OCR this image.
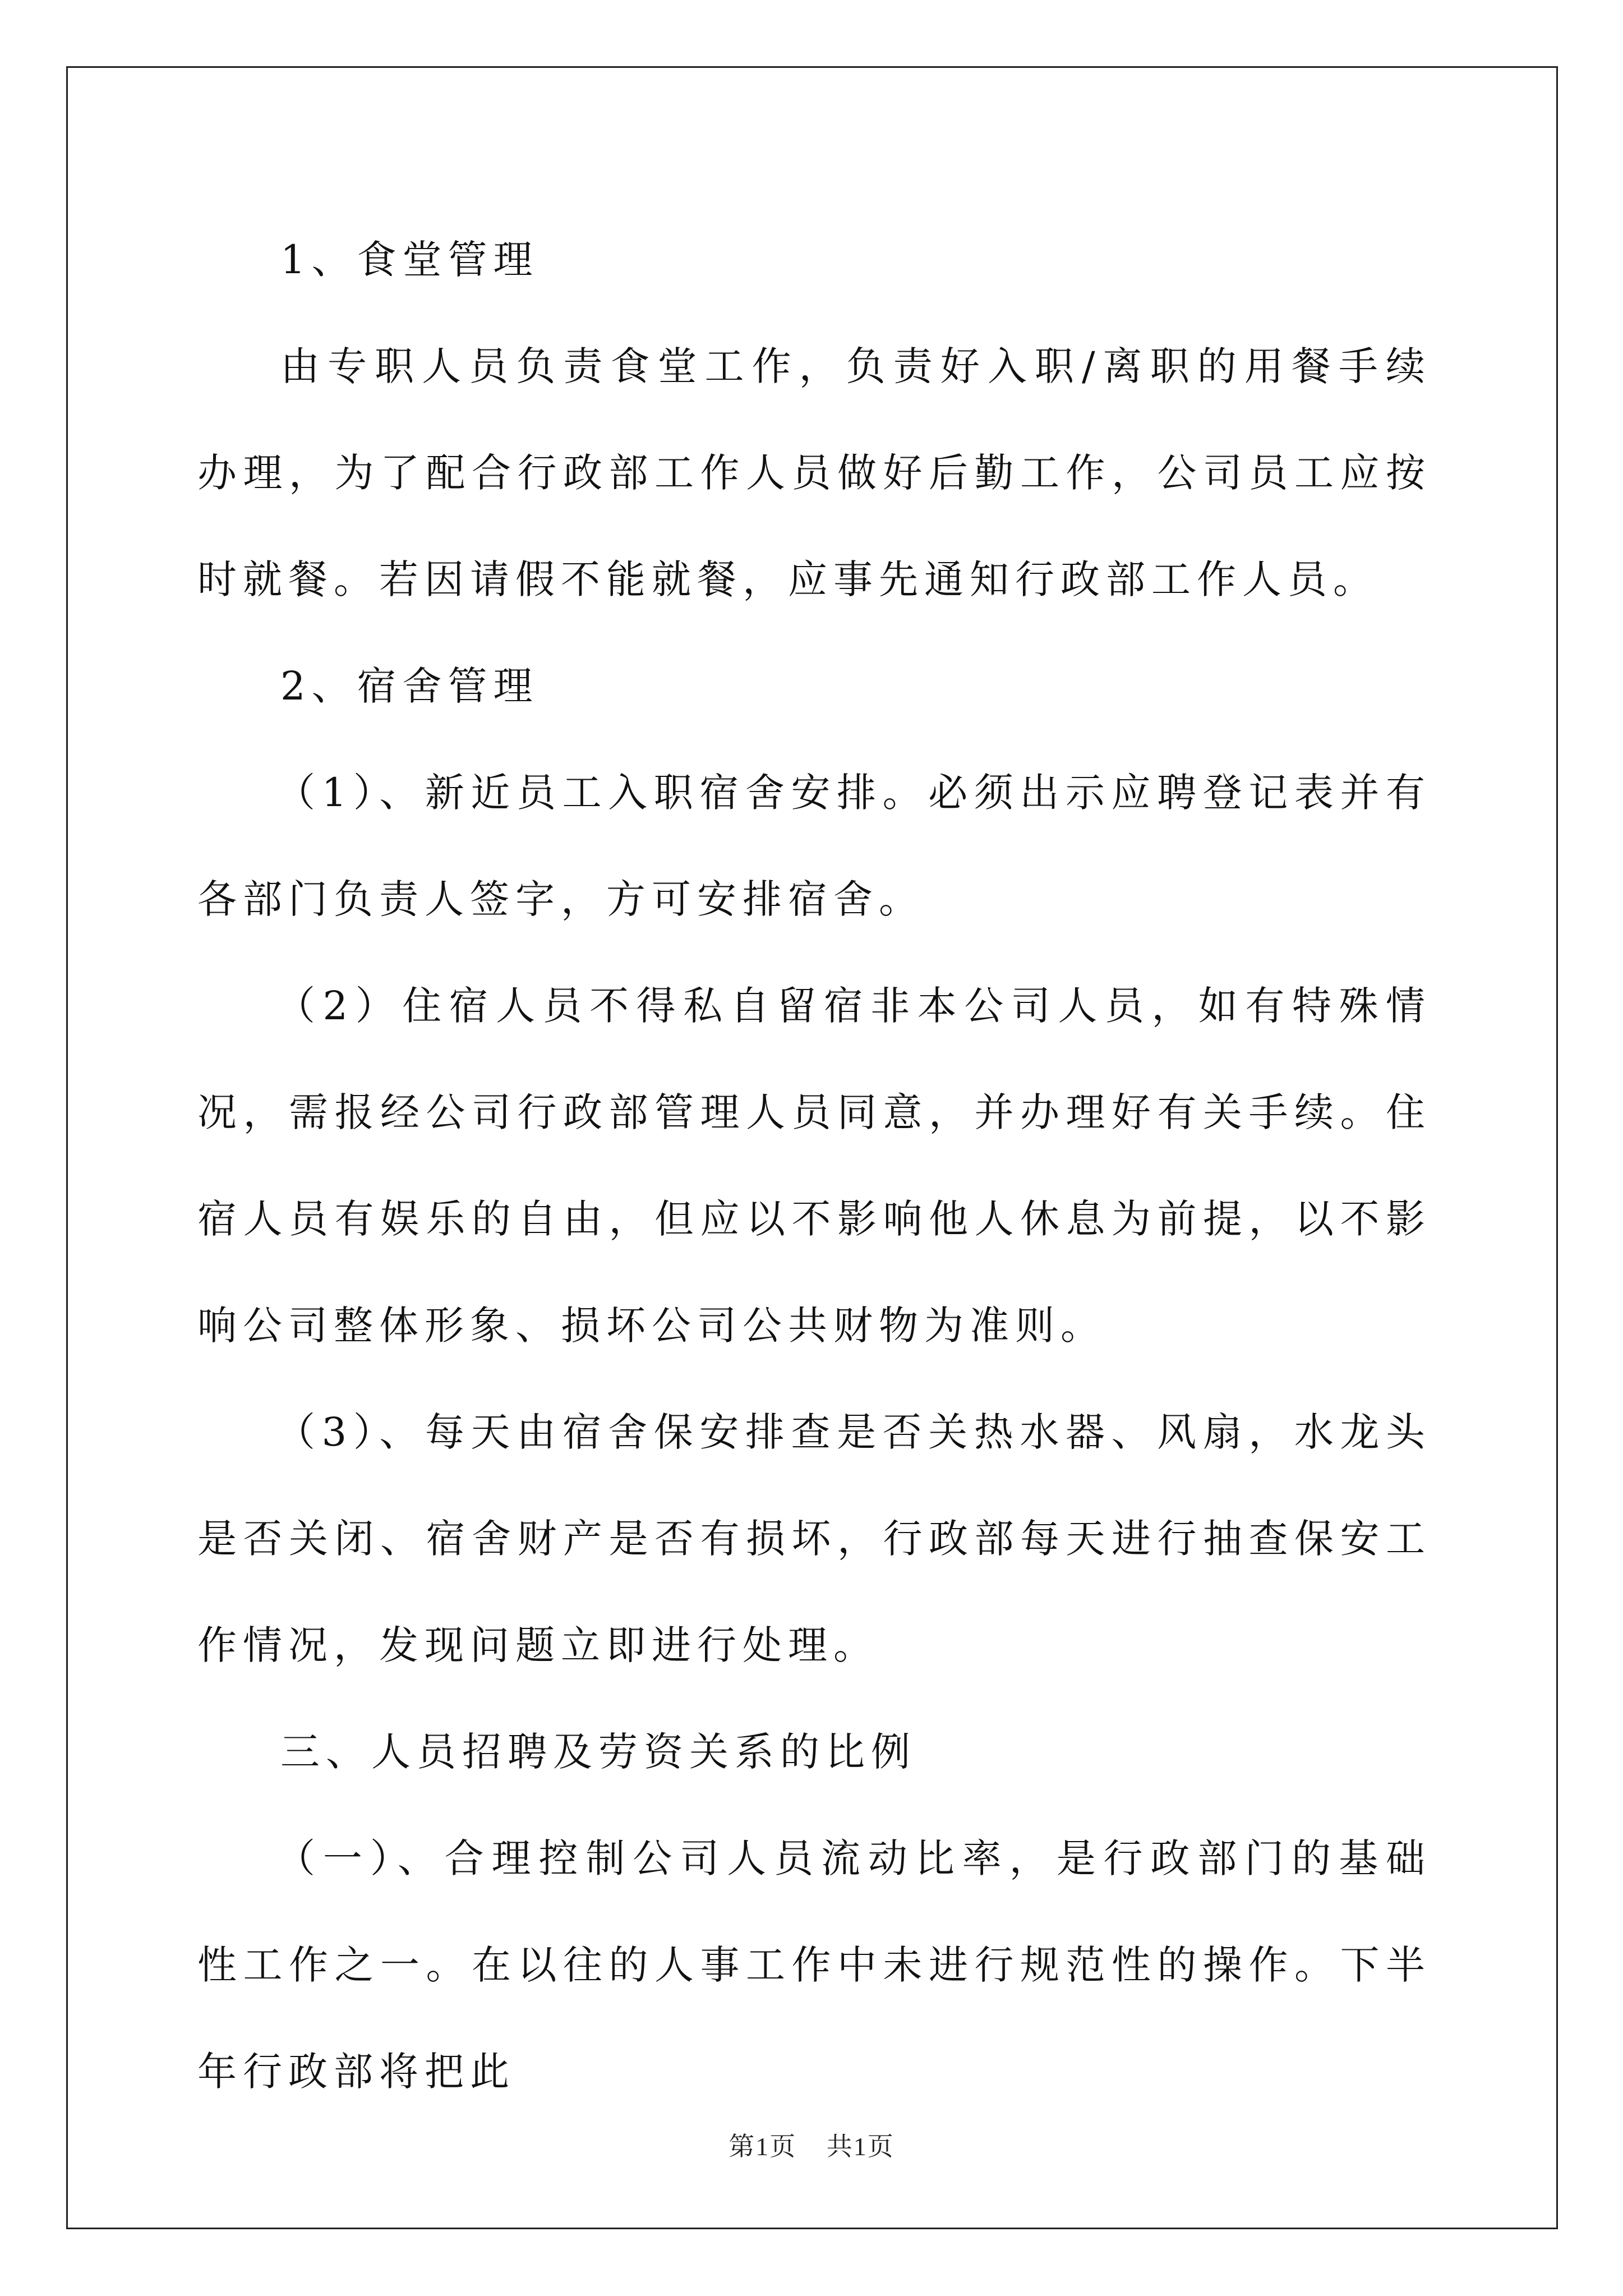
1、食堂管理

由专职人员负责食堂工作，负责好入职/离职的用餐手续办理，为了配合行政部工作人员做好后勤工作，公司员工应按时就餐。若因请假不能就餐，应事先通知行政部工作人员。

2、宿舍管理

（1）、新近员工入职宿舍安排。必须出示应聘登记表并有各部门负责人签字，方可安排宿舍。

（2）住宿人员不得私自留宿非本公司人员，如有特殊情况，需报经公司行政部管理人员同意，并办理好有关手续。住宿人员有娱乐的自由，但应以不影响他人休息为前提，以不影响公司整体形象、损坏公司公共财物为准则。

（3）、每天由宿舍保安排查是否关热水器、风扇，水龙头是否关闭、宿舍财产是否有损坏，行政部每天进行抽查保安工作情况，发现问题立即进行处理。

三、人员招聘及劳资关系的比例

（一）、合理控制公司人员流动比率，是行政部门的基础性工作之一。在以往的人事工作中未进行规范性的操作。下半年行政部将把此

第1页 共1页
